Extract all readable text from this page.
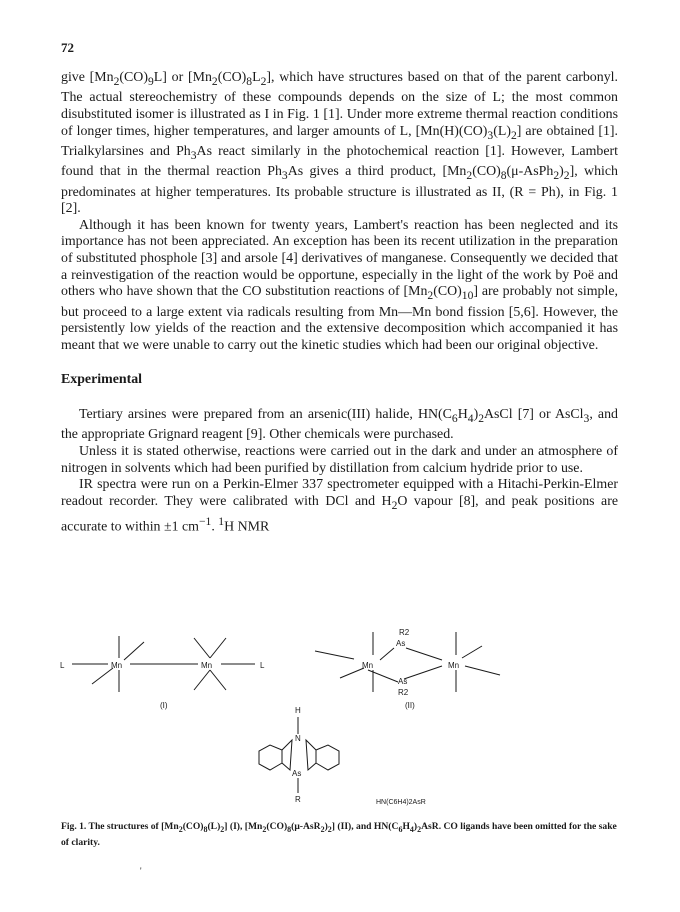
72

give $[Mn_2(CO)_9L]$ or $[Mn_2(CO)_8L_2]$, which have structures based on that of the parent carbonyl. The actual stereochemistry of these compounds depends on the size of L; the most common disubstituted isomer is illustrated as I in Fig. 1 [1]. Under more extreme thermal reaction conditions of longer times, higher temperatures, and larger amounts of L, $[Mn(H)(CO)_3(L)_2]$ are obtained [1]. Trialkylarsines and $Ph_3As$ react similarly in the photochemical reaction [1]. However, Lambert found that in the thermal reaction $Ph_3As$ gives a third product, $[Mn_2(CO)_8(\mu-AsPh_2)_2]$, which predominates at higher temperatures. Its probable structure is illustrated as II, (R = Ph), in Fig. 1 [2].

Although it has been known for twenty years, Lambert's reaction has been neglected and its importance has not been appreciated. An exception has been its recent utilization in the preparation of substituted phosphole [3] and arsole [4] derivatives of manganese. Consequently we decided that a reinvestigation of the reaction would be opportune, especially in the light of the work by Poë and others who have shown that the CO substitution reactions of $[Mn_2(CO)_{10}]$ are probably not simple, but proceed to a large extent via radicals resulting from Mn—Mn bond fission [5,6]. However, the persistently low yields of the reaction and the extensive decomposition which accompanied it has meant that we were unable to carry out the kinetic studies which had been our original objective.

Experimental

Tertiary arsines were prepared from an arsenic(III) halide, $HN(C_6H_4)_2AsCl$ [7] or AsCl$_3$, and the appropriate Grignard reagent [9]. Other chemicals were purchased.

Unless it is stated otherwise, reactions were carried out in the dark and under an atmosphere of nitrogen in solvents which had been purified by distillation from calcium hydride prior to use.

IR spectra were run on a Perkin-Elmer 337 spectrometer equipped with a Hitachi-Perkin-Elmer readout recorder. They were calibrated with DCl and $H_2O$ vapour [8], and peak positions are accurate to within ±1 $cm^{-1}$. $^1$H NMR

L	Mn	Mn	L
(I)
R2
As
Mn	Mn
As
R2
(II)
H
N
As
R	HN(C6H4)2AsR
Fig. 1. The structures of $[Mn_2(CO)_8(L)_2]$ (I), $[Mn_2(CO)_8(\mu-AsR_2)_2]$ (II), and $HN(C_6H_4)_2AsR$. CO ligands have been omitted for the sake of clarity.
'
